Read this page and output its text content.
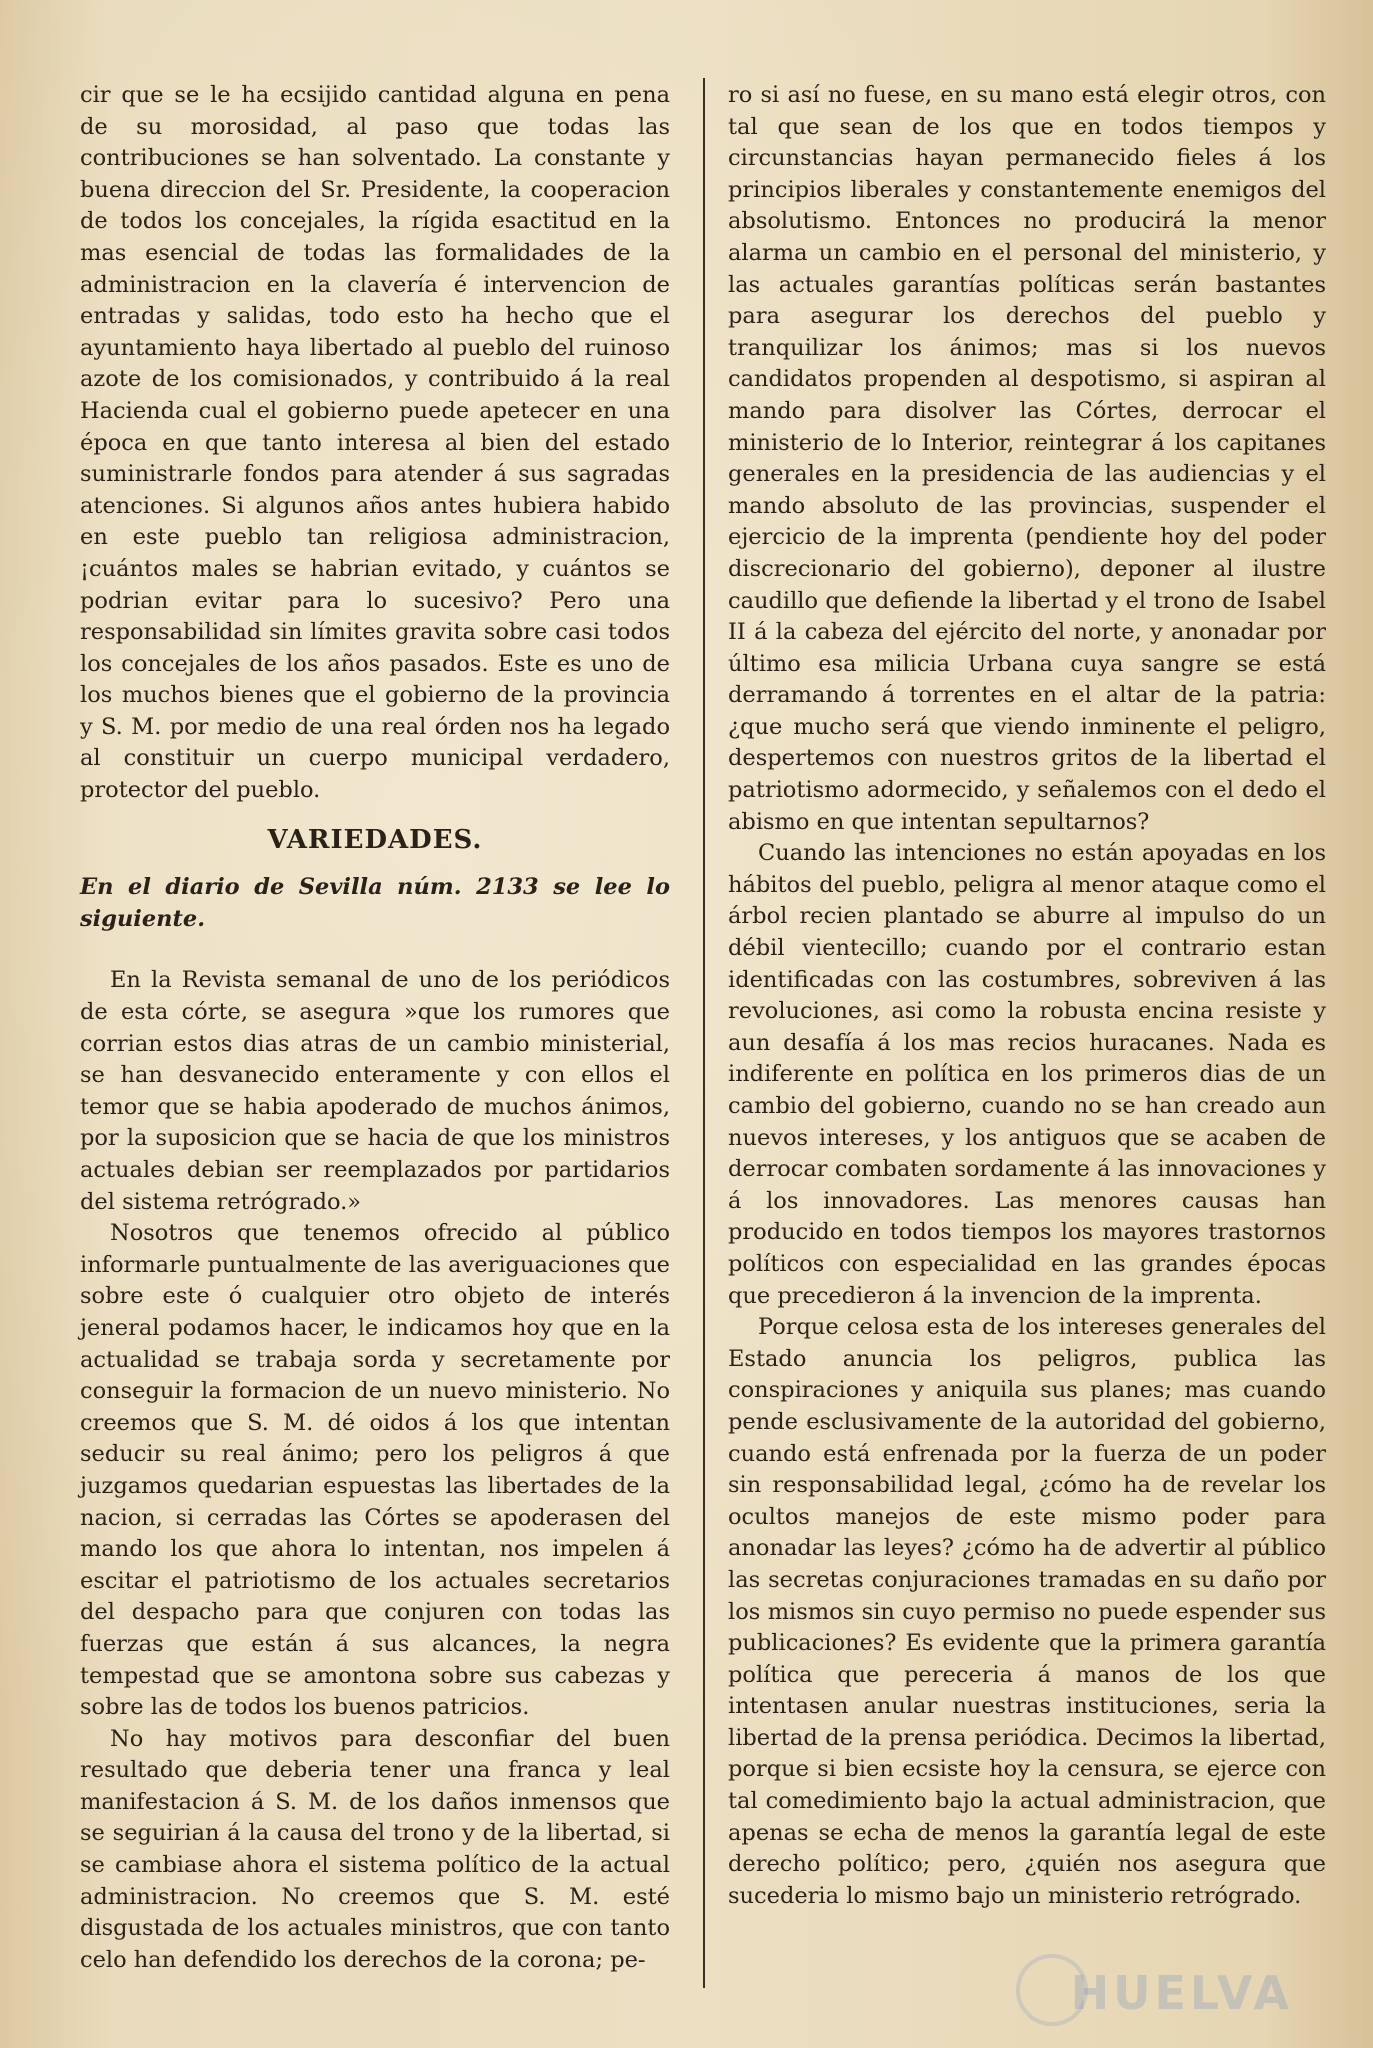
cir que se le ha ecsijido cantidad alguna en pena de su morosidad, al paso que todas las contribuciones se han solventado. La constante y buena direccion del Sr. Presidente, la cooperacion de todos los concejales, la rígida esactitud en la mas esencial de todas las formalidades de la administracion en la clavería é intervencion de entradas y salidas, todo esto ha hecho que el ayuntamiento haya libertado al pueblo del ruinoso azote de los comisionados, y contribuido á la real Hacienda cual el gobierno puede apetecer en una época en que tanto interesa al bien del estado suministrarle fondos para atender á sus sagradas atenciones. Si algunos años antes hubiera habido en este pueblo tan religiosa administracion, ¡cuántos males se habrian evitado, y cuántos se podrian evitar para lo sucesivo? Pero una responsabilidad sin límites gravita sobre casi todos los concejales de los años pasados. Este es uno de los muchos bienes que el gobierno de la provincia y S. M. por medio de una real órden nos ha legado al constituir un cuerpo municipal verdadero, protector del pueblo.

VARIEDADES.

En el diario de Sevilla núm. 2133 se lee lo siguiente.

En la Revista semanal de uno de los periódicos de esta córte, se asegura »que los rumores que corrian estos dias atras de un cambio ministerial, se han desvanecido enteramente y con ellos el temor que se habia apoderado de muchos ánimos, por la suposicion que se hacia de que los ministros actuales debian ser reemplazados por partidarios del sistema retrógrado.»

Nosotros que tenemos ofrecido al público informarle puntualmente de las averiguaciones que sobre este ó cualquier otro objeto de interés jeneral podamos hacer, le indicamos hoy que en la actualidad se trabaja sorda y secretamente por conseguir la formacion de un nuevo ministerio. No creemos que S. M. dé oidos á los que intentan seducir su real ánimo; pero los peligros á que juzgamos quedarian espuestas las libertades de la nacion, si cerradas las Córtes se apoderasen del mando los que ahora lo intentan, nos impelen á escitar el patriotismo de los actuales secretarios del despacho para que conjuren con todas las fuerzas que están á sus alcances, la negra tempestad que se amontona sobre sus cabezas y sobre las de todos los buenos patricios.

No hay motivos para desconfiar del buen resultado que deberia tener una franca y leal manifestacion á S. M. de los daños inmensos que se seguirian á la causa del trono y de la libertad, si se cambiase ahora el sistema político de la actual administracion. No creemos que S. M. esté disgustada de los actuales ministros, que con tanto celo han defendido los derechos de la corona; pe-

ro si así no fuese, en su mano está elegir otros, con tal que sean de los que en todos tiempos y circunstancias hayan permanecido fieles á los principios liberales y constantemente enemigos del absolutismo. Entonces no producirá la menor alarma un cambio en el personal del ministerio, y las actuales garantías políticas serán bastantes para asegurar los derechos del pueblo y tranquilizar los ánimos; mas si los nuevos candidatos propenden al despotismo, si aspiran al mando para disolver las Córtes, derrocar el ministerio de lo Interior, reintegrar á los capitanes generales en la presidencia de las audiencias y el mando absoluto de las provincias, suspender el ejercicio de la imprenta (pendiente hoy del poder discrecionario del gobierno), deponer al ilustre caudillo que defiende la libertad y el trono de Isabel II á la cabeza del ejército del norte, y anonadar por último esa milicia Urbana cuya sangre se está derramando á torrentes en el altar de la patria: ¿que mucho será que viendo inminente el peligro, despertemos con nuestros gritos de la libertad el patriotismo adormecido, y señalemos con el dedo el abismo en que intentan sepultarnos?

Cuando las intenciones no están apoyadas en los hábitos del pueblo, peligra al menor ataque como el árbol recien plantado se aburre al impulso do un débil vientecillo; cuando por el contrario estan identificadas con las costumbres, sobreviven á las revoluciones, asi como la robusta encina resiste y aun desafía á los mas recios huracanes. Nada es indiferente en política en los primeros dias de un cambio del gobierno, cuando no se han creado aun nuevos intereses, y los antiguos que se acaben de derrocar combaten sordamente á las innovaciones y á los innovadores. Las menores causas han producido en todos tiempos los mayores trastornos políticos con especialidad en las grandes épocas que precedieron á la invencion de la imprenta.

Porque celosa esta de los intereses generales del Estado anuncia los peligros, publica las conspiraciones y aniquila sus planes; mas cuando pende esclusivamente de la autoridad del gobierno, cuando está enfrenada por la fuerza de un poder sin responsabilidad legal, ¿cómo ha de revelar los ocultos manejos de este mismo poder para anonadar las leyes? ¿cómo ha de advertir al público las secretas conjuraciones tramadas en su daño por los mismos sin cuyo permiso no puede espender sus publicaciones? Es evidente que la primera garantía política que pereceria á manos de los que intentasen anular nuestras instituciones, seria la libertad de la prensa periódica. Decimos la libertad, porque si bien ecsiste hoy la censura, se ejerce con tal comedimiento bajo la actual administracion, que apenas se echa de menos la garantía legal de este derecho político; pero, ¿quién nos asegura que sucederia lo mismo bajo un ministerio retrógrado.

HUELVA
